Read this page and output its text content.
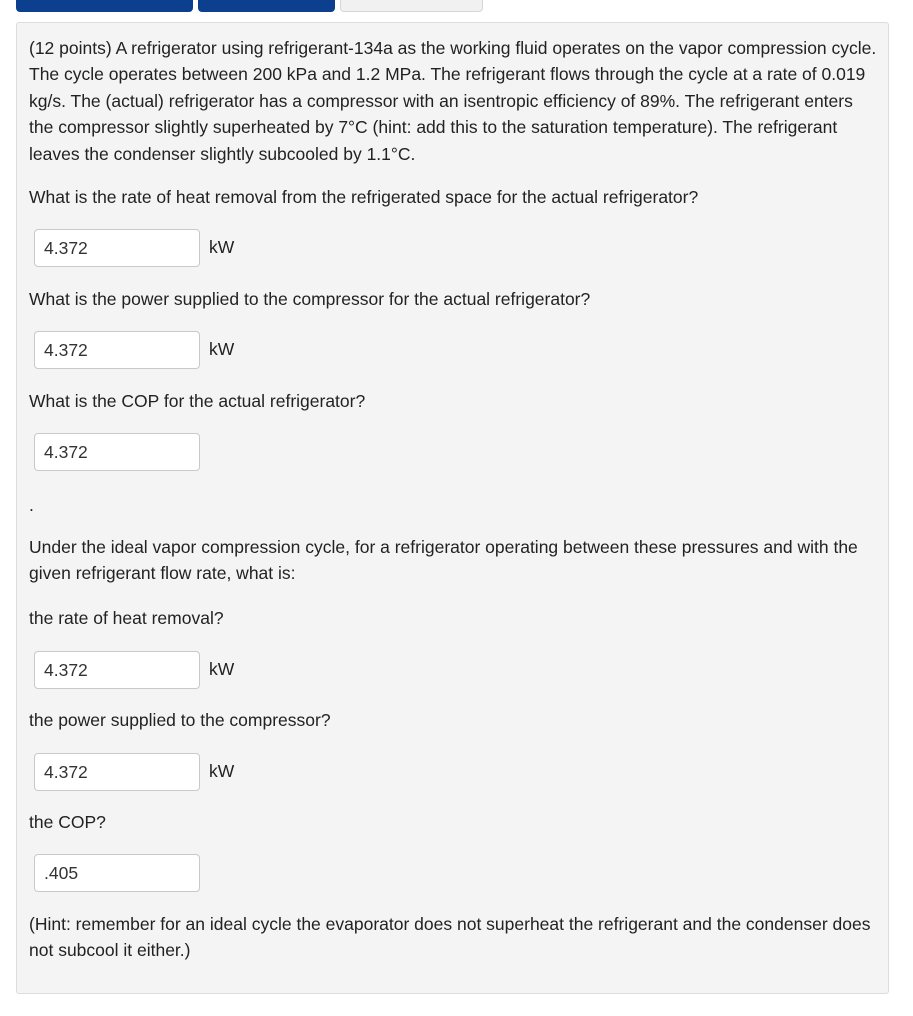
(12 points) A refrigerator using refrigerant-134a as the working fluid operates on the vapor compression cycle. The cycle operates between 200 kPa and 1.2 MPa. The refrigerant flows through the cycle at a rate of 0.019 kg/s. The (actual) refrigerator has a compressor with an isentropic efficiency of 89%. The refrigerant enters the compressor slightly superheated by 7°C (hint: add this to the saturation temperature). The refrigerant leaves the condenser slightly subcooled by 1.1°C.

What is the rate of heat removal from the refrigerated space for the actual refrigerator?
4.372
kW
What is the power supplied to the compressor for the actual refrigerator?
4.372
kW
What is the COP for the actual refrigerator?
4.372
.

Under the ideal vapor compression cycle, for a refrigerator operating between these pressures and with the given refrigerant flow rate, what is:

the rate of heat removal?
4.372
kW
the power supplied to the compressor?
4.372
kW
the COP?
.405

(Hint: remember for an ideal cycle the evaporator does not superheat the refrigerant and the condenser does not subcool it either.)
